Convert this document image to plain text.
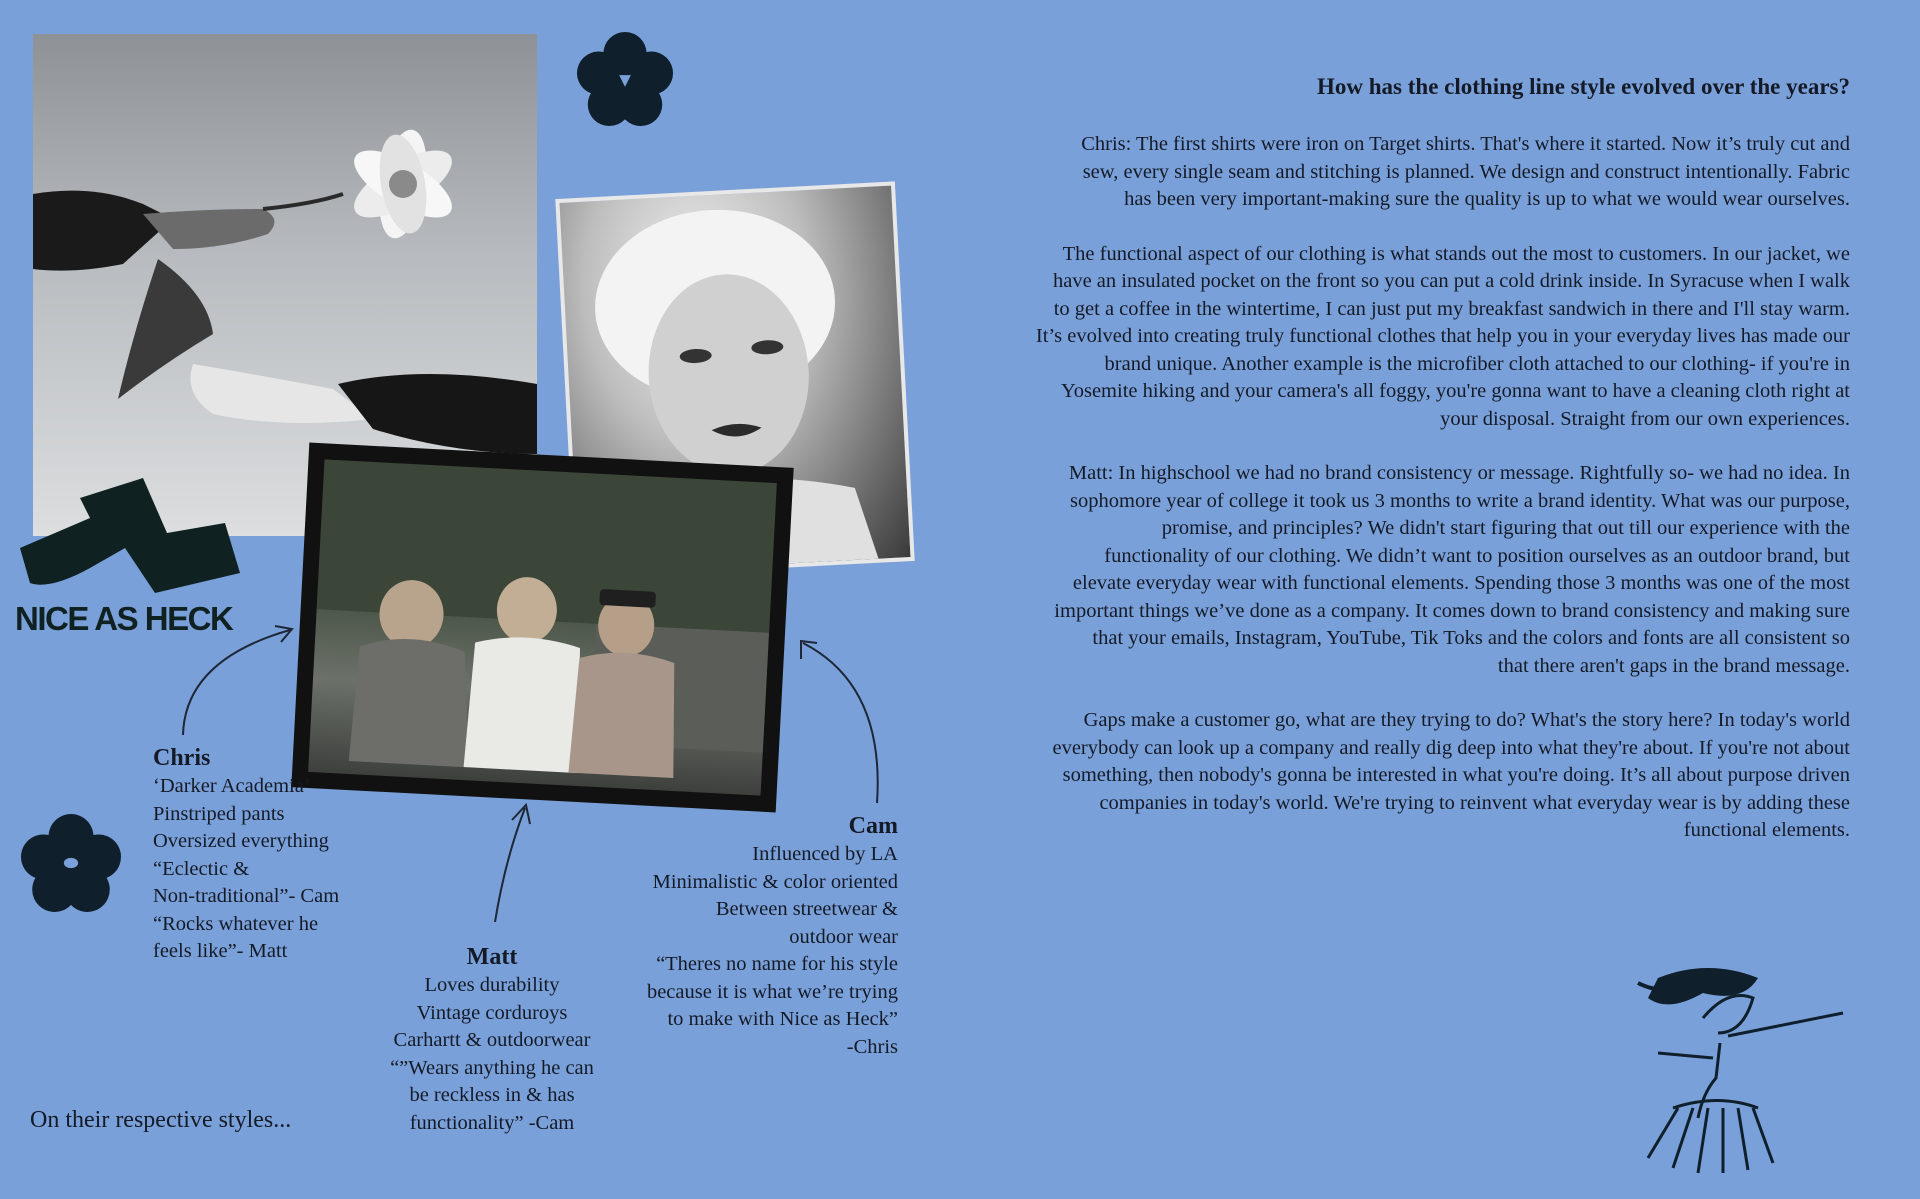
NICE AS HECK
How has the clothing line style evolved over the years?

Chris: The first shirts were iron on Target shirts. That's where it started. Now it’s truly cut and
sew, every single seam and stitching is planned. We design and construct intentionally. Fabric
has been very important-making sure the quality is up to what we would wear ourselves.

The functional aspect of our clothing is what stands out the most to customers. In our jacket, we
have an insulated pocket on the front so you can put a cold drink inside. In Syracuse when I walk
to get a coffee in the wintertime, I can just put my breakfast sandwich in there and I'll stay warm.
It’s evolved into creating truly functional clothes that help you in your everyday lives has made our
brand unique. Another example is the microfiber cloth attached to our clothing- if you're in
Yosemite hiking and your camera's all foggy, you're gonna want to have a cleaning cloth right at
your disposal. Straight from our own experiences.

Matt: In highschool we had no brand consistency or message. Rightfully so- we had no idea. In
sophomore year of college it took us 3 months to write a brand identity. What was our purpose,
promise, and principles? We didn't start figuring that out till our experience with the
functionality of our clothing. We didn’t want to position ourselves as an outdoor brand, but
elevate everyday wear with functional elements. Spending those 3 months was one of the most
important things we’ve done as a company. It comes down to brand consistency and making sure
that your emails, Instagram, YouTube, Tik Toks and the colors and fonts are all consistent so
that there aren't gaps in the brand message.

Gaps make a customer go, what are they trying to do? What's the story here? In today's world
everybody can look up a company and really dig deep into what they're about. If you're not about
something, then nobody's gonna be interested in what you're doing. It’s all about purpose driven
companies in today's world. We're trying to reinvent what everyday wear is by adding these
functional elements.

Chris
‘Darker Academia’
Pinstriped pants
Oversized everything
“Eclectic &
Non-traditional”- Cam
“Rocks whatever he
feels like”- Matt	Matt
Loves durability
Vintage corduroys
Carhartt & outdoorwear
“”Wears anything he can
be reckless in & has
functionality” -Cam
Cam
Influenced by LA
Minimalistic & color oriented
Between streetwear &
outdoor wear
“Theres no name for his style
because it is what we’re trying
to make with Nice as Heck”
-Chris
On their respective styles...
